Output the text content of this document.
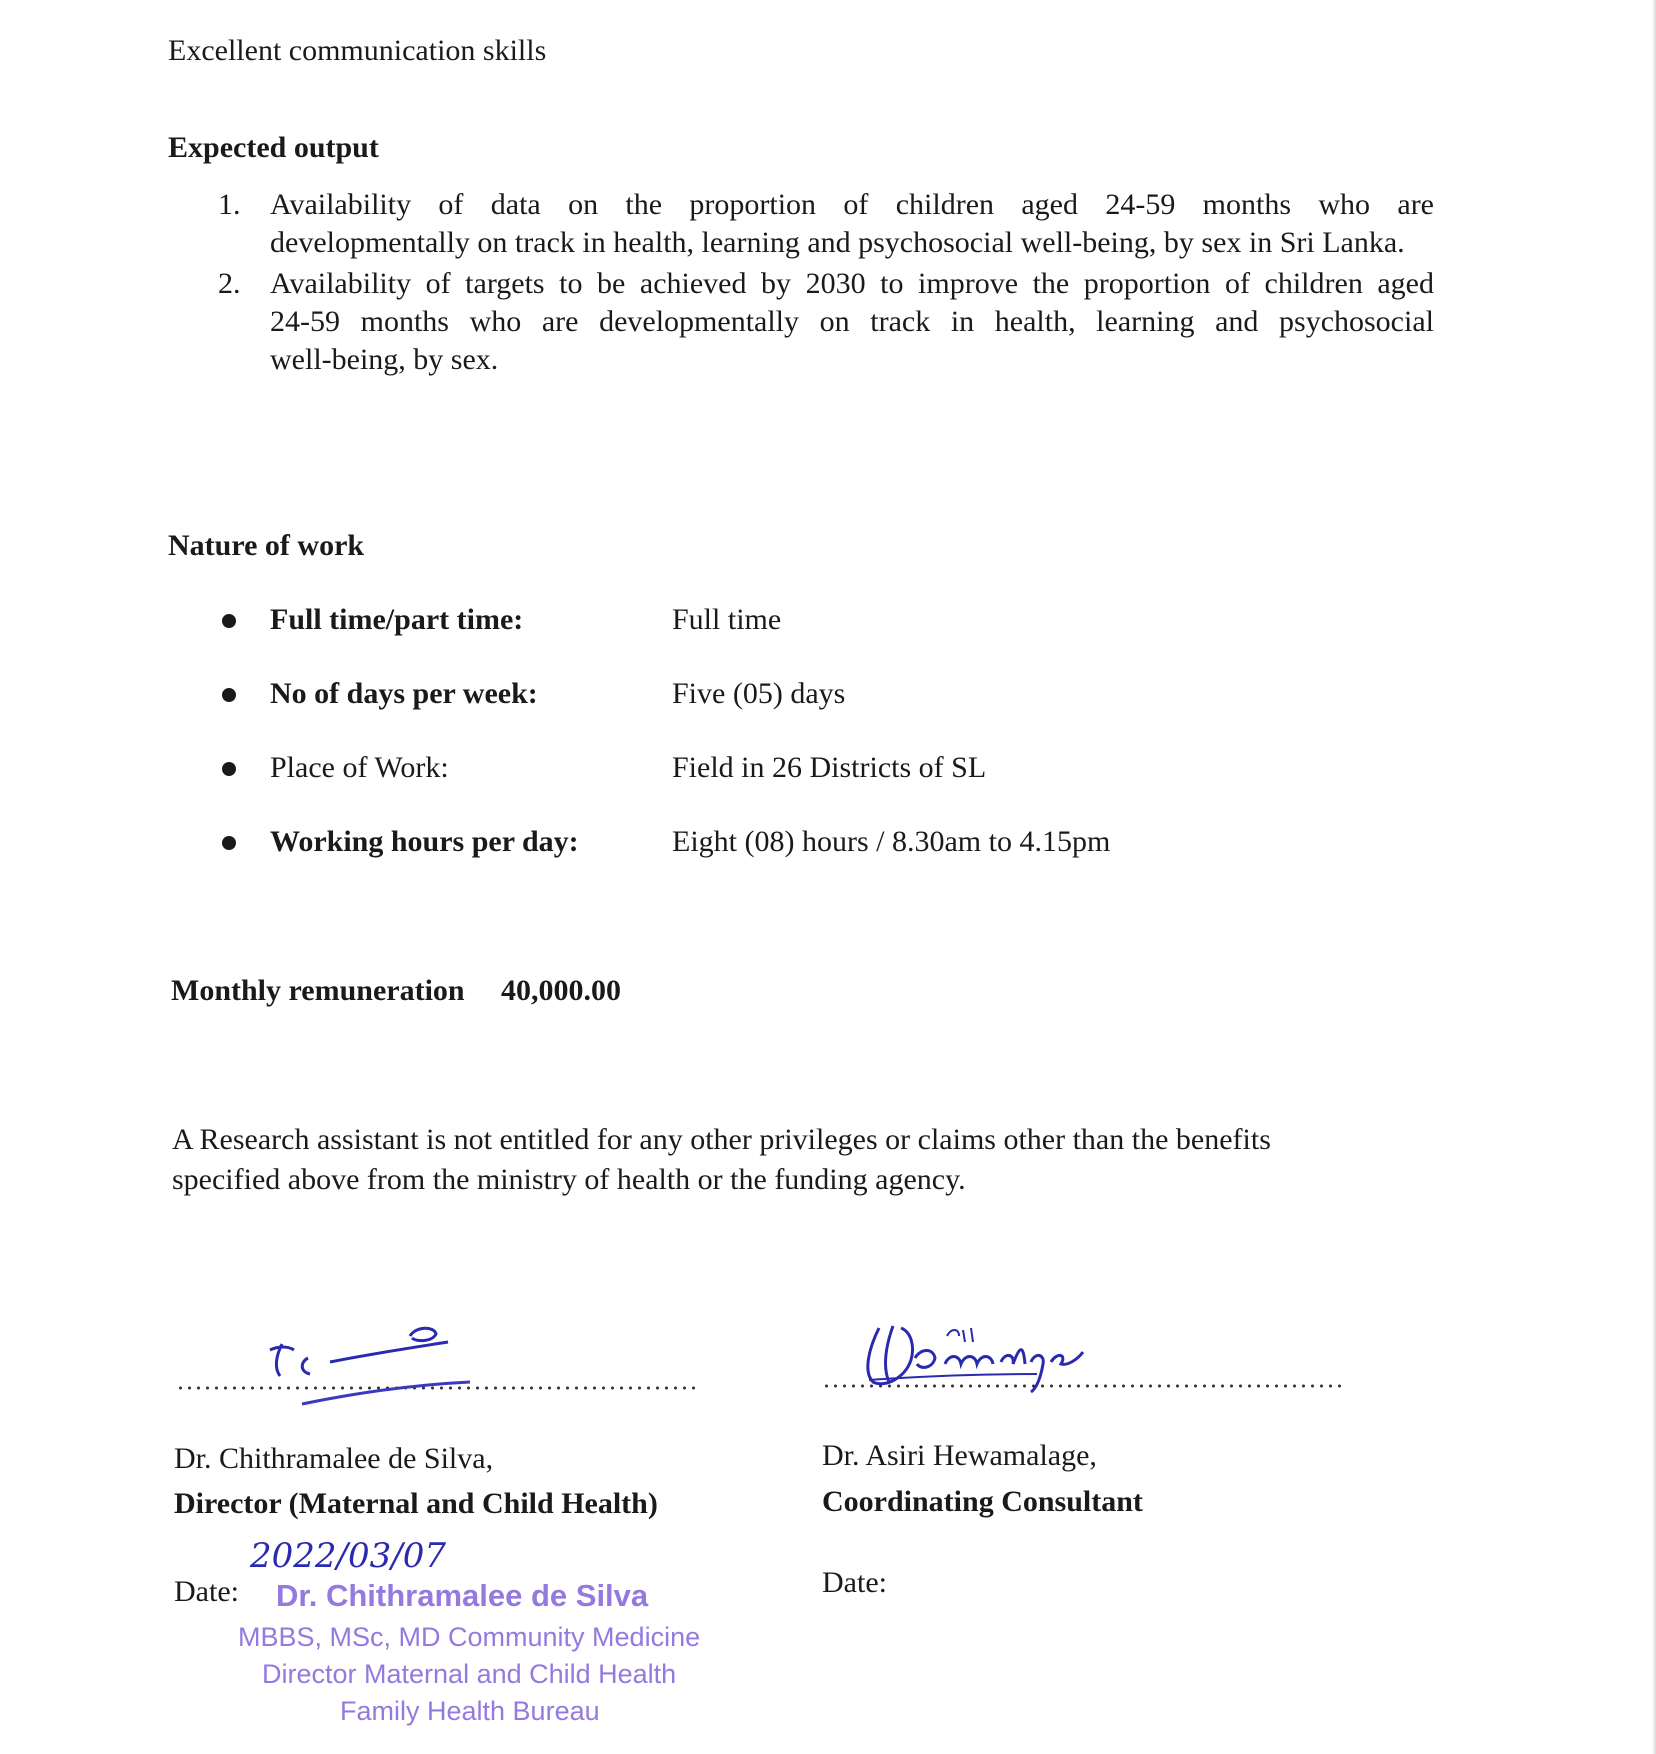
Excellent communication skills
Expected output
1. Availability of data on the proportion of children aged 24-59 months who are
developmentally on track in health, learning and psychosocial well-being, by sex in Sri Lanka.
2. Availability of targets to be achieved by 2030 to improve the proportion of children aged
24-59 months who are developmentally on track in health, learning and psychosocial
well-being, by sex.
Nature of work
Full time/part time:	Full time
No of days per week:	Five (05) days
Place of Work:	Field in 26 Districts of SL
Working hours per day:	Eight (08) hours / 8.30am to 4.15pm
Monthly remuneration 40,000.00
A Research assistant is not entitled for any other privileges or claims other than the benefits
specified above from the ministry of health or the funding agency.
Dr. Chithramalee de Silva,
Director (Maternal and Child Health)
Date:
2022/03/07
Dr. Asiri Hewamalage,
Coordinating Consultant
Date:
Dr. Chithramalee de Silva
MBBS, MSc, MD Community Medicine
Director Maternal and Child Health
Family Health Bureau
